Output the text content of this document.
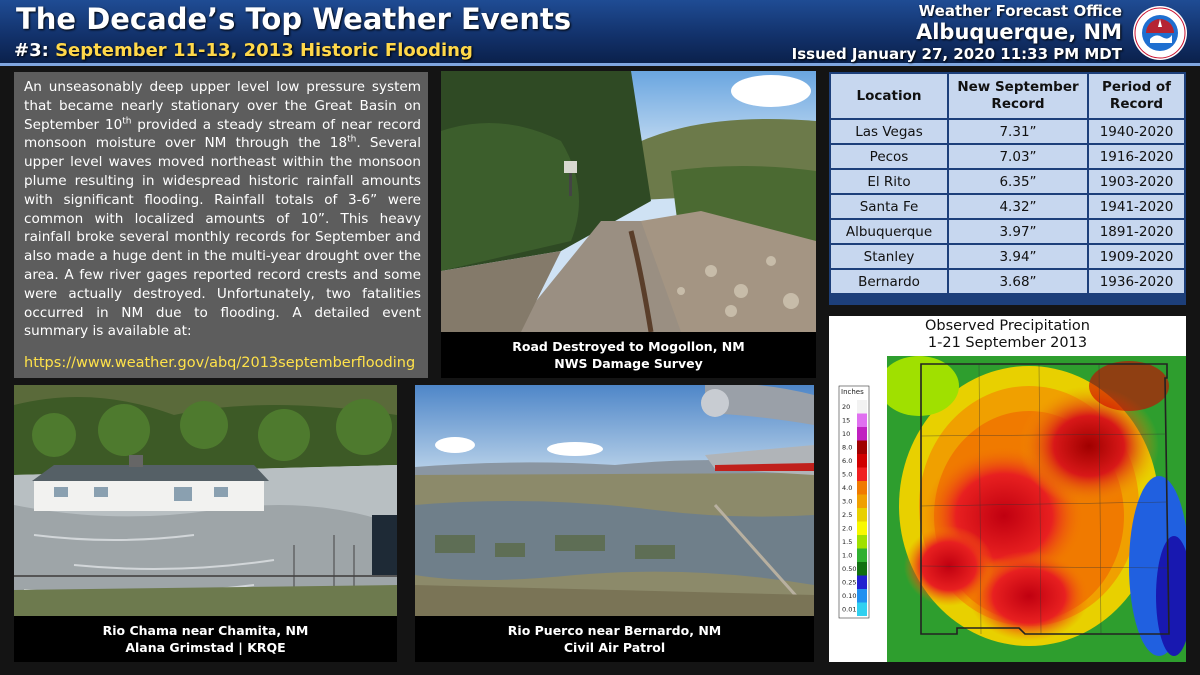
The Decade’s Top Weather Events
#3: September 11-13, 2013 Historic Flooding
Weather Forecast Office
Albuquerque, NM
Issued January 27, 2020 11:33 PM MDT

An unseasonably deep upper level low pressure system that became nearly stationary over the Great Basin on September 10th provided a steady stream of near record monsoon moisture over NM through the 18th. Several upper level waves moved northeast within the monsoon plume resulting in widespread historic rainfall amounts with significant flooding. Rainfall totals of 3-6” were common with localized amounts of 10”. This heavy rainfall broke several monthly records for September and also made a huge dent in the multi-year drought over the area. A few river gages reported record crests and some were actually destroyed. Unfortunately, two fatalities occurred in NM due to flooding. A detailed event summary is available at:

https://www.weather.gov/abq/2013septemberflooding
Road Destroyed to Mogollon, NM
NWS Damage Survey
Rio Chama near Chamita, NM
Alana Grimstad | KRQE
Rio Puerco near Bernardo, NM
Civil Air Patrol
Location	New September Record	Period of Record
Las Vegas	7.31”	1940-2020
Pecos	7.03”	1916-2020
El Rito	6.35”	1903-2020
Santa Fe	4.32”	1941-2020
Albuquerque	3.97”	1891-2020
Stanley	3.94”	1909-2020
Bernardo	3.68”	1936-2020
Observed Precipitation
1-21 September 2013
Inches
20
15
10
8.0
6.0
5.0
4.0
3.0
2.5
2.0
1.5
1.0
0.50
0.25
0.10
0.01
